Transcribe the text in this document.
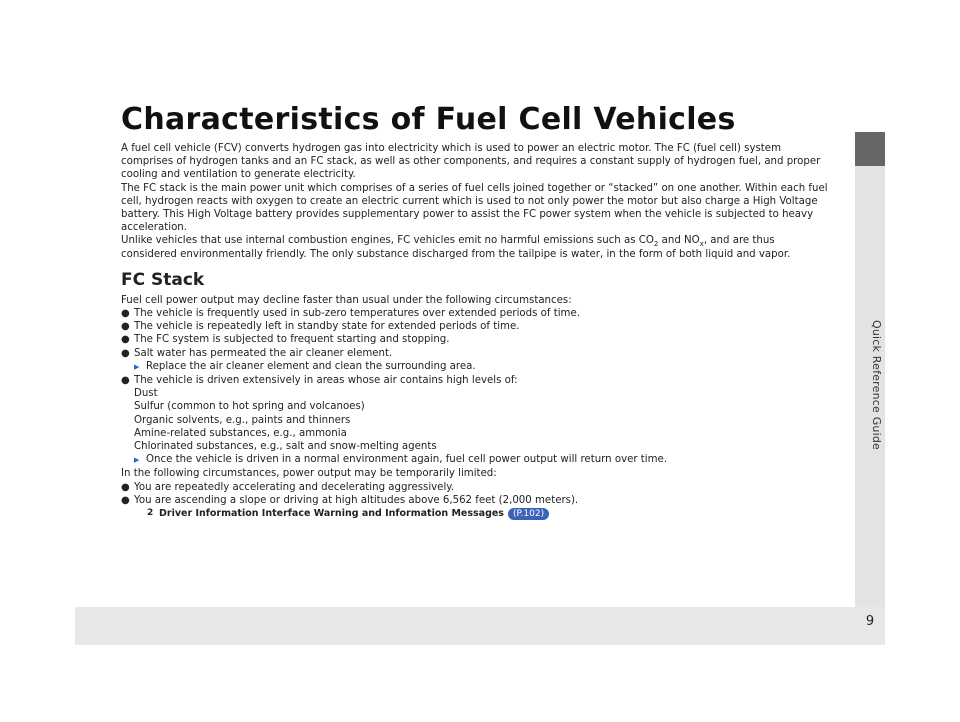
Quick Reference Guide
9
Characteristics of Fuel Cell Vehicles

A fuel cell vehicle (FCV) converts hydrogen gas into electricity which is used to power an electric motor. The FC (fuel cell) system comprises of hydrogen tanks and an FC stack, as well as other components, and requires a constant supply of hydrogen fuel, and proper cooling and ventilation to generate electricity.

The FC stack is the main power unit which comprises of a series of fuel cells joined together or “stacked” on one another. Within each fuel cell, hydrogen reacts with oxygen to create an electric current which is used to not only power the motor but also charge a High Voltage battery. This High Voltage battery provides supplementary power to assist the FC power system when the vehicle is subjected to heavy acceleration.

Unlike vehicles that use internal combustion engines, FC vehicles emit no harmful emissions such as $CO_2$ and $NO_x$, and are thus considered environmentally friendly. The only substance discharged from the tailpipe is water, in the form of both liquid and vapor.

FC Stack

Fuel cell power output may decline faster than usual under the following circumstances:

●
The vehicle is frequently used in sub-zero temperatures over extended periods of time.
●
The vehicle is repeatedly left in standby state for extended periods of time.
●
The FC system is subjected to frequent starting and stopping.
●
Salt water has permeated the air cleaner element.
▶
Replace the air cleaner element and clean the surrounding area.
●
The vehicle is driven extensively in areas whose air contains high levels of:
Dust
Sulfur (common to hot spring and volcanoes)
Organic solvents, e.g., paints and thinners
Amine-related substances, e.g., ammonia
Chlorinated substances, e.g., salt and snow-melting agents
▶
Once the vehicle is driven in a normal environment again, fuel cell power output will return over time.

In the following circumstances, power output may be temporarily limited:

●
You are repeatedly accelerating and decelerating aggressively.
●
You are ascending a slope or driving at high altitudes above 6,562 feet (2,000 meters).
2 Driver Information Interface Warning and Information Messages	(P.102)
